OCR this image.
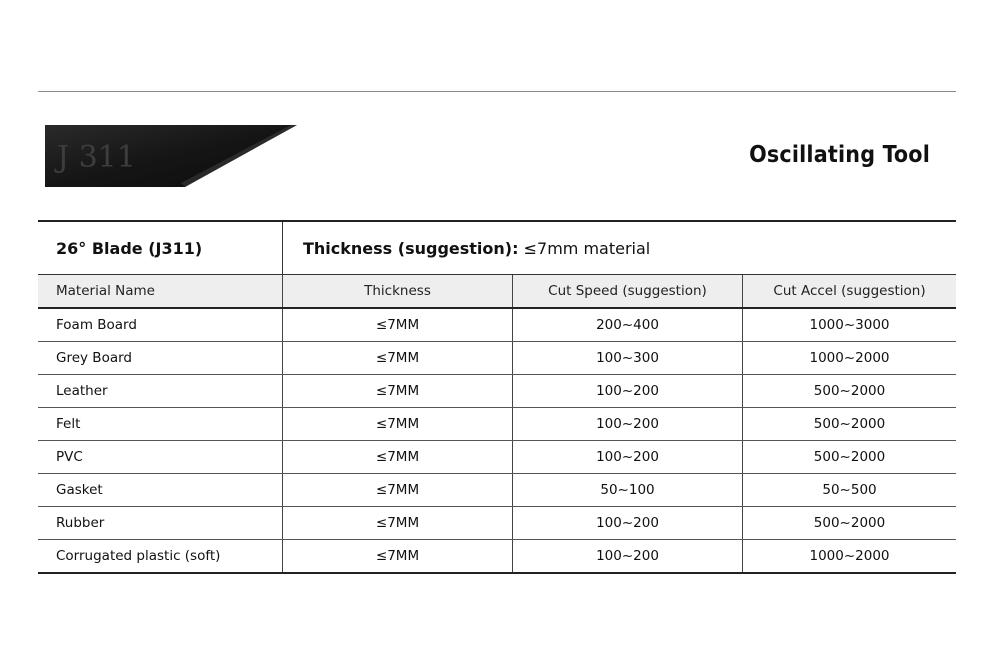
J 311	Oscillating Tool
26° Blade (J311)	Thickness (suggestion): ≤7mm material		
Material Name	Thickness	Cut Speed (suggestion)	Cut Accel (suggestion)
Foam Board	≤7MM	200~400	1000~3000
Grey Board	≤7MM	100~300	1000~2000
Leather	≤7MM	100~200	500~2000
Felt	≤7MM	100~200	500~2000
PVC	≤7MM	100~200	500~2000
Gasket	≤7MM	50~100	50~500
Rubber	≤7MM	100~200	500~2000
Corrugated plastic (soft)	≤7MM	100~200	1000~2000
